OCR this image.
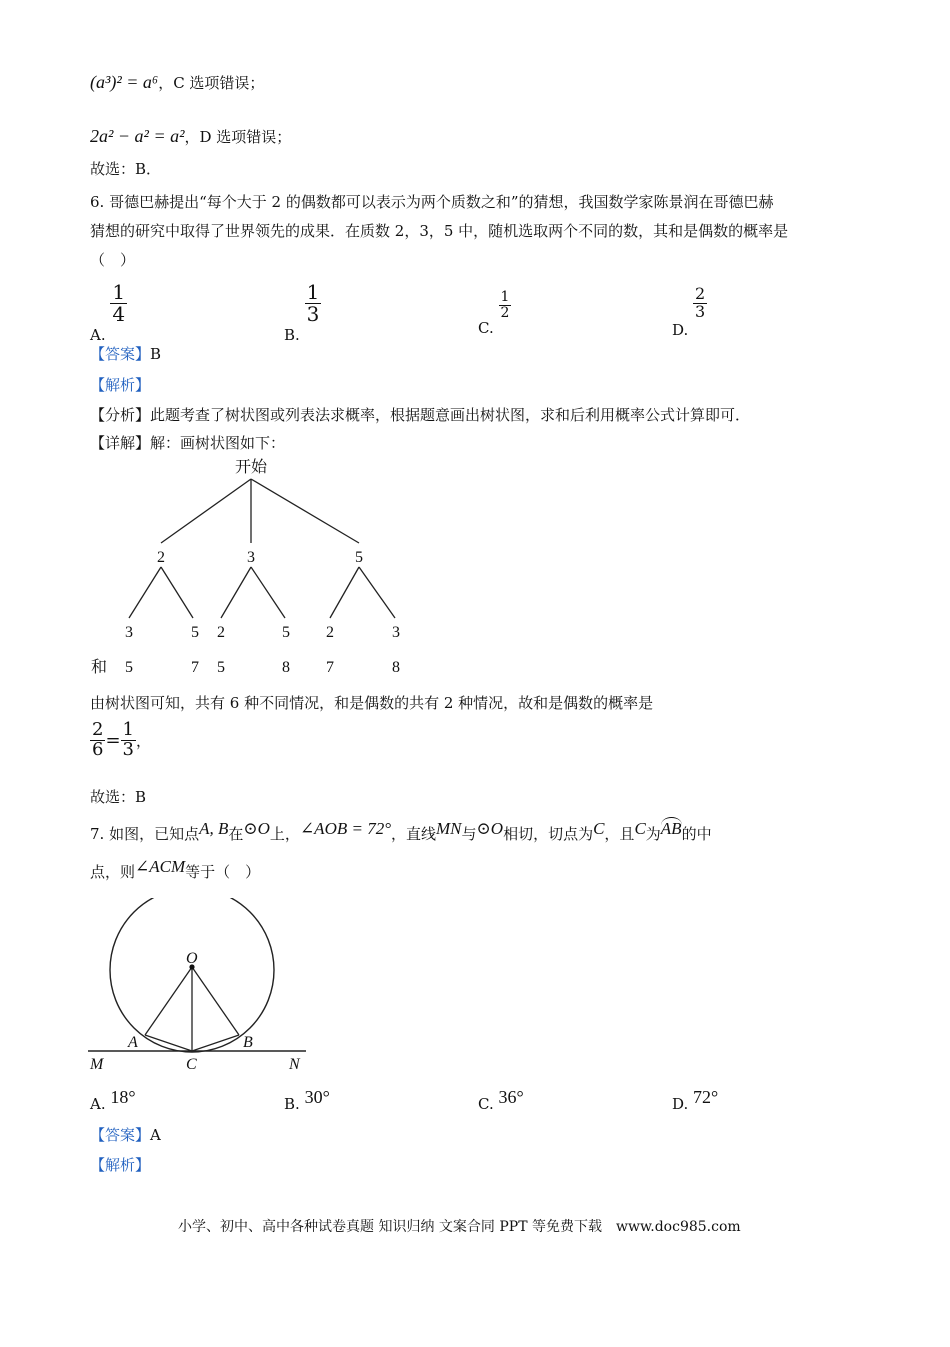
(a³)² = a⁶，C 选项错误；
2a² − a² = a²，D 选项错误；
故选：B．
6. 哥德巴赫提出“每个大于 2 的偶数都可以表示为两个质数之和”的猜想，我国数学家陈景润在哥德巴赫
猜想的研究中取得了世界领先的成果．在质数 2，3，5 中，随机选取两个不同的数，其和是偶数的概率是
（　）
A.
$\frac{1}{4}$
B.
$\frac{1}{3}$
C.
$\frac{1}{2}$
D.
$\frac{2}{3}$
【答案】B
【解析】
【分析】此题考查了树状图或列表法求概率，根据题意画出树状图，求和后利用概率公式计算即可．
【详解】解：画树状图如下：
开始
2	3	5
3	5 2	5 2	3
和 5	7 5	8 7	8
由树状图可知，共有 6 种不同情况，和是偶数的共有 2 种情况，故和是偶数的概率是
$\frac{2}{6} = \frac{1}{3}$ ，
故选：B
7. 如图，已知点A, B在⊙O上，∠AOB = 72°，直线MN与⊙O相切，切点为C，且C为AB的中
点，则∠ACM等于（　）
O
A	B
C
M	N
A. 18°	B. 30°	C. 36°	D. 72°
【答案】A
【解析】
小学、初中、高中各种试卷真题 知识归纳 文案合同 PPT 等免费下载　www.doc985.com
